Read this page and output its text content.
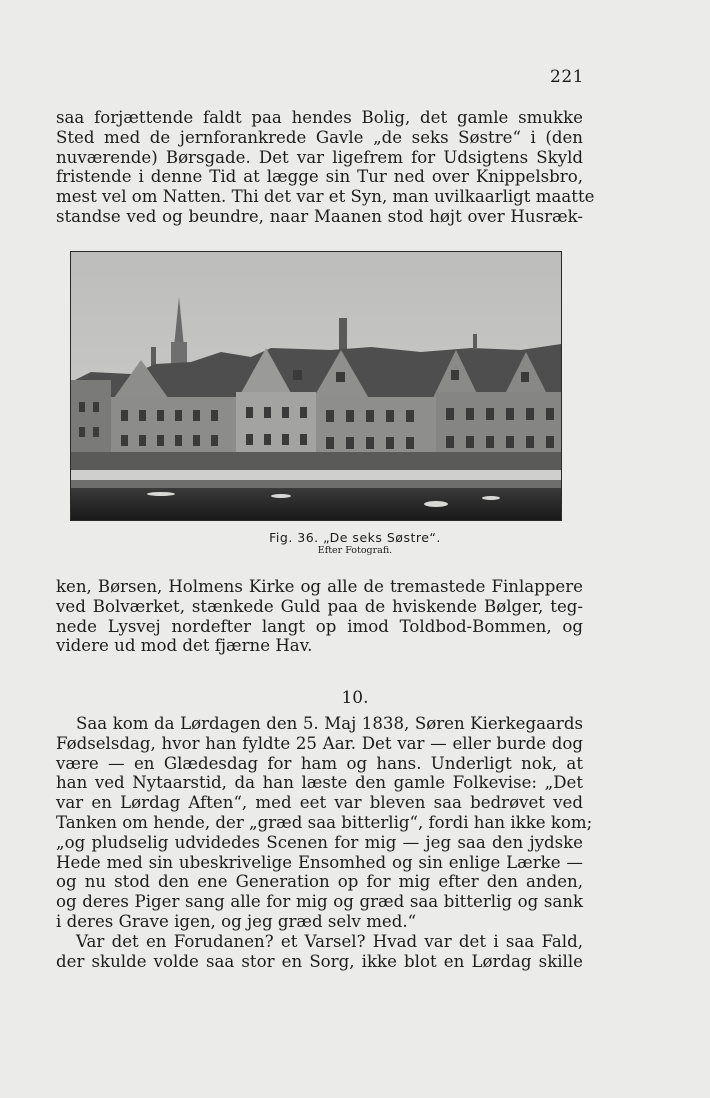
221
saa forjættende faldt paa hendes Bolig, det gamle smukke
Sted med de jernforankrede Gavle „de seks Søstre“ i (den
nuværende) Børsgade. Det var ligefrem for Udsigtens Skyld
fristende i denne Tid at lægge sin Tur ned over Knippelsbro,
mest vel om Natten. Thi det var et Syn, man uvilkaarligt maatte
standse ved og beundre, naar Maanen stod højt over Husræk-
Fig. 36. „De seks Søstre“.
Efter Fotografi.
ken, Børsen, Holmens Kirke og alle de tremastede Finlappere
ved Bolværket, stænkede Guld paa de hviskende Bølger, teg-
nede Lysvej nordefter langt op imod Toldbod-Bommen, og
videre ud mod det fjærne Hav.
10.
Saa kom da Lørdagen den 5. Maj 1838, Søren Kierkegaards
Fødselsdag, hvor han fyldte 25 Aar. Det var — eller burde dog
være — en Glædesdag for ham og hans. Underligt nok, at
han ved Nytaarstid, da han læste den gamle Folkevise: „Det
var en Lørdag Aften“, med eet var bleven saa bedrøvet ved
Tanken om hende, der „græd saa bitterlig“, fordi han ikke kom;
„og pludselig udvidedes Scenen for mig — jeg saa den jydske
Hede med sin ubeskrivelige Ensomhed og sin enlige Lærke —
og nu stod den ene Generation op for mig efter den anden,
og deres Piger sang alle for mig og græd saa bitterlig og sank
i deres Grave igen, og jeg græd selv med.“
Var det en Forudanen? et Varsel? Hvad var det i saa Fald,
der skulde volde saa stor en Sorg, ikke blot en Lørdag skille
